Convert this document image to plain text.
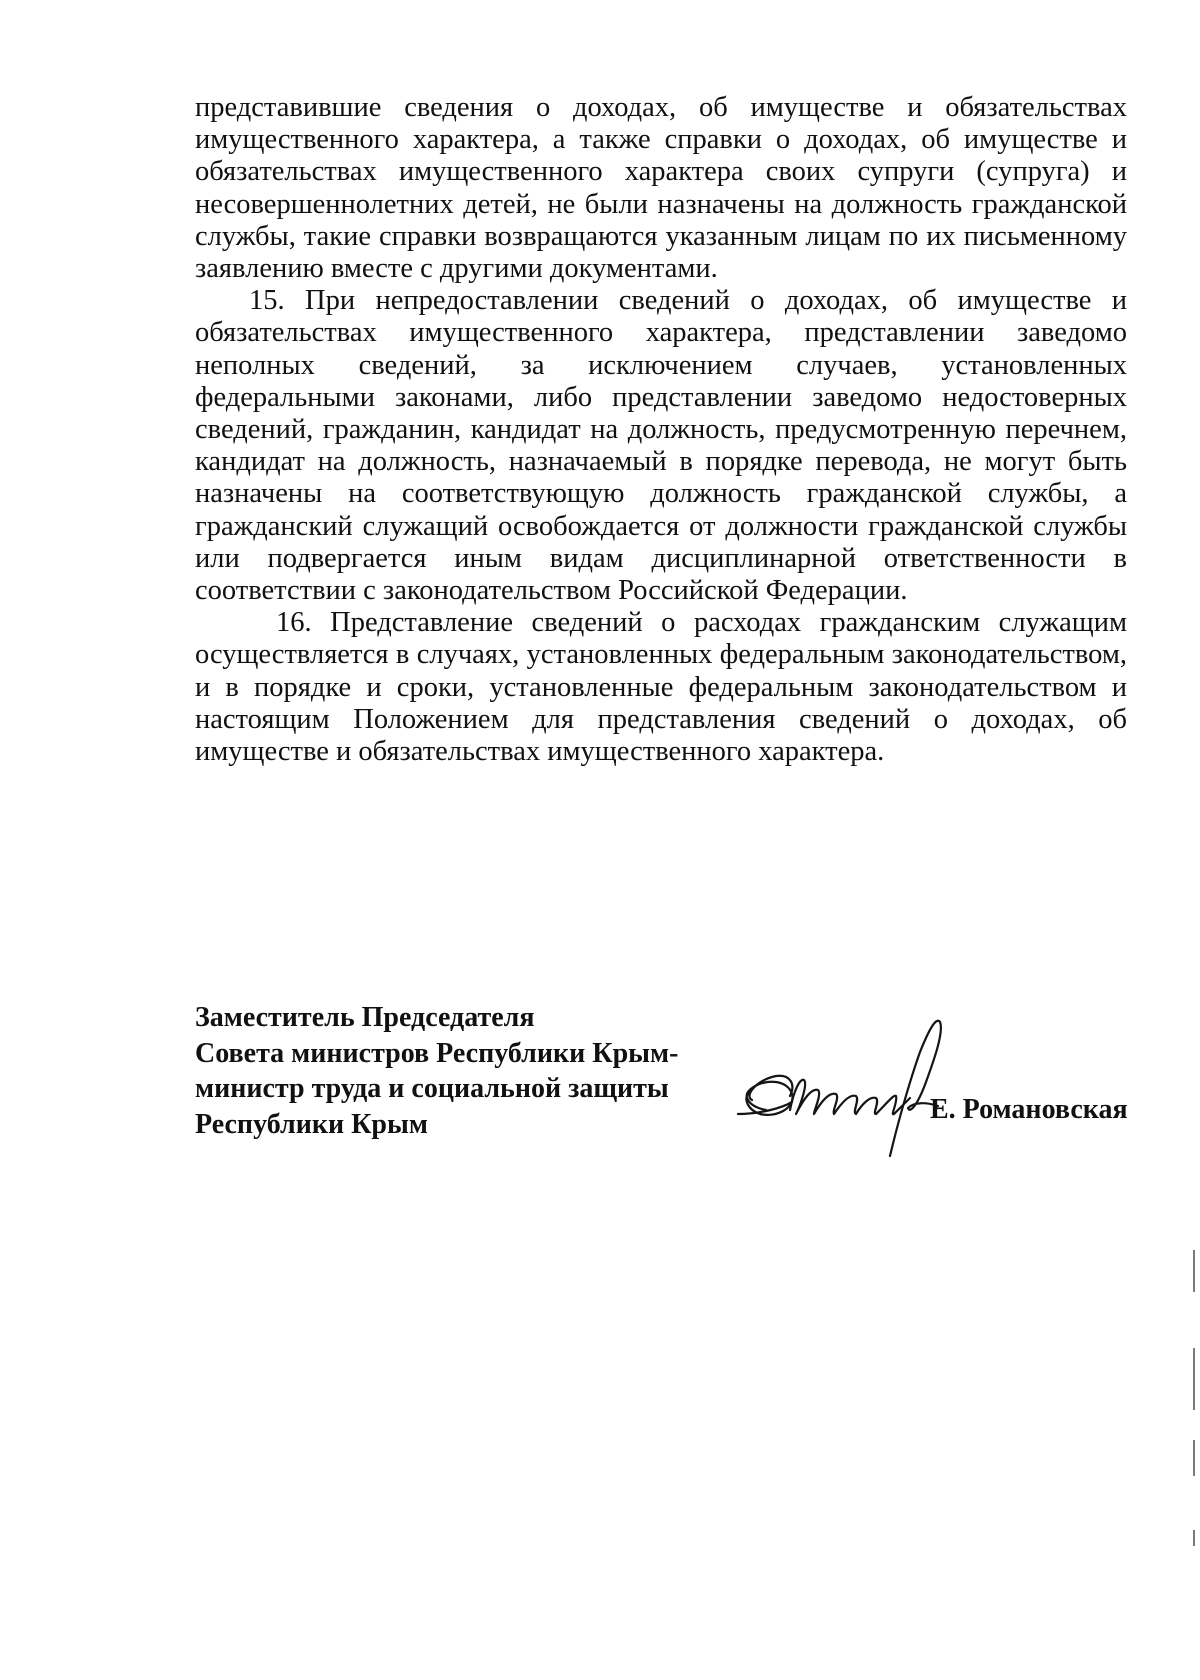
представившие сведения о доходах, об имуществе и обязательствах имущественного характера, а также справки о доходах, об имуществе и обязательствах имущественного характера своих супруги (супруга) и несовершеннолетних детей, не были назначены на должность гражданской службы, такие справки возвращаются указанным лицам по их письменному заявлению вместе с другими документами.

15. При непредоставлении сведений о доходах, об имуществе и обязательствах имущественного характера, представлении заведомо неполных сведений, за исключением случаев, установленных федеральными законами, либо представлении заведомо недостоверных сведений, гражданин, кандидат на должность, предусмотренную перечнем, кандидат на должность, назначаемый в порядке перевода, не могут быть назначены на соответствующую должность гражданской службы, а гражданский служащий освобождается от должности гражданской службы или подвергается иным видам дисциплинарной ответственности в соответствии с законодательством Российской Федерации.

16. Представление сведений о расходах гражданским служащим осуществляется в случаях, установленных федеральным законодательством, и в порядке и сроки, установленные федеральным законодательством и настоящим Положением для представления сведений о доходах, об имуществе и обязательствах имущественного характера.

Заместитель Председателя
Совета министров Республики Крым-
министр труда и социальной защиты
Республики Крым	Е. Романовская
